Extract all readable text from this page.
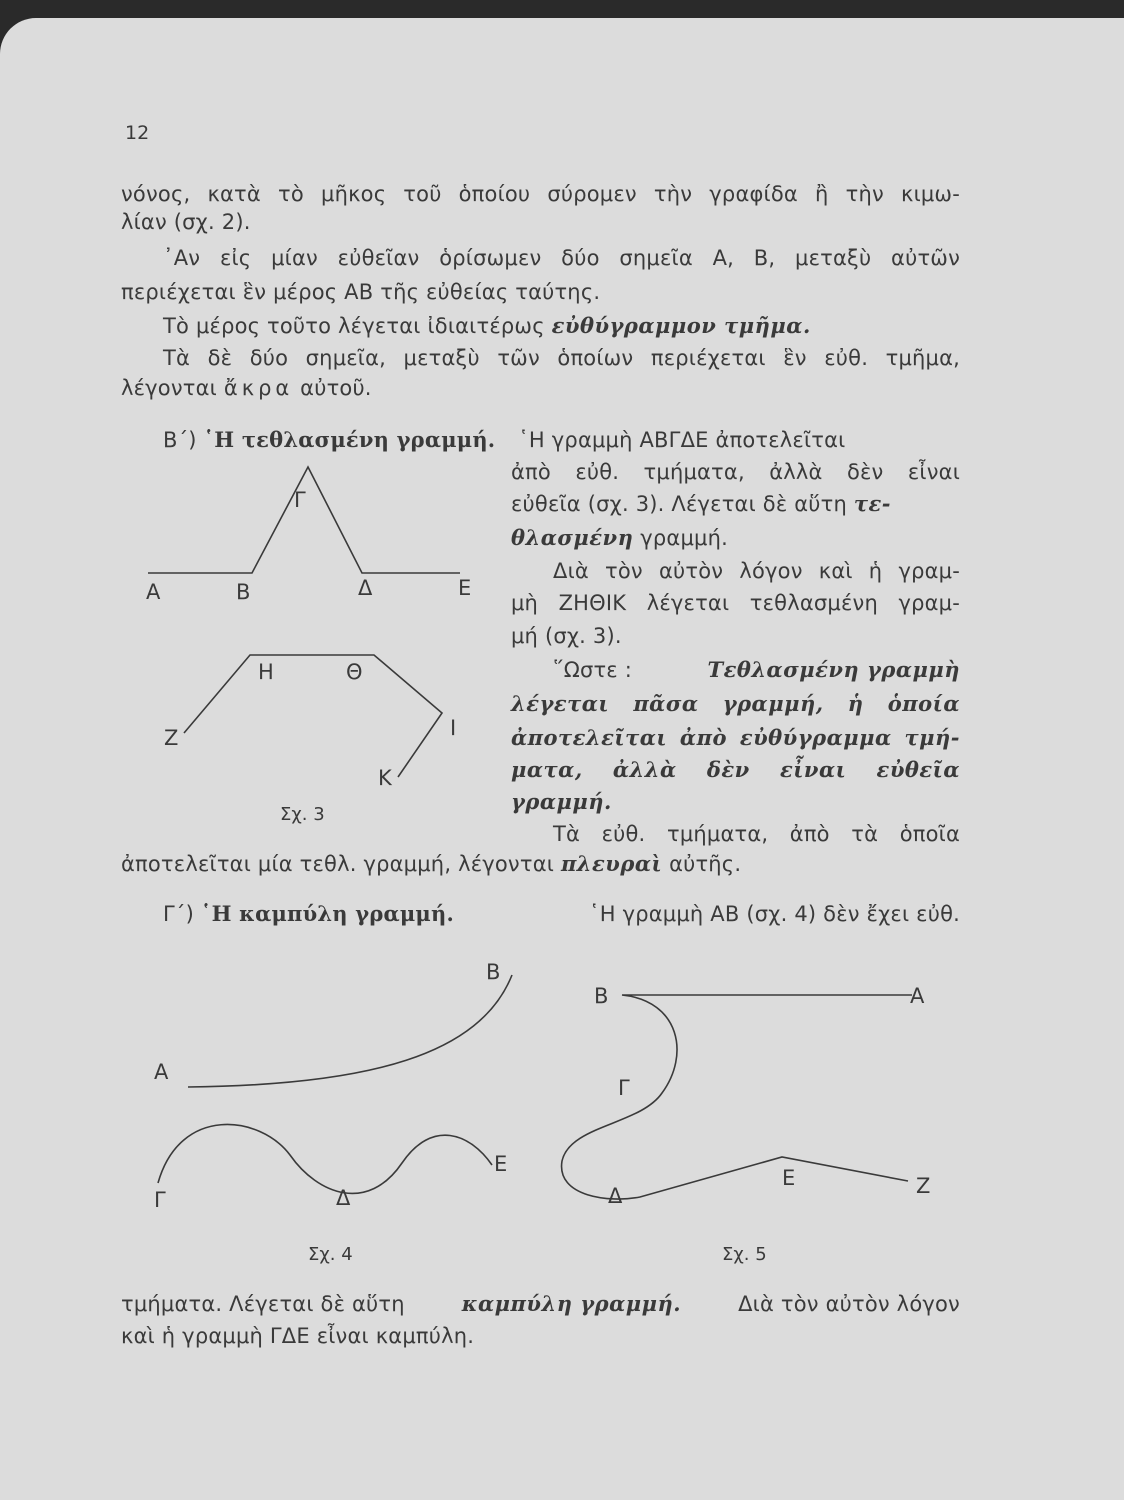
12
νόνος, κατὰ τὸ μῆκος τοῦ ὁποίου σύρομεν τὴν γραφίδα ἢ τὴν κιμω-
λίαν (σχ. 2).
᾿Αν εἰς μίαν εὐθεῖαν ὁρίσωμεν δύο σημεῖα Α, Β, μεταξὺ αὐτῶν
περιέχεται ἓν μέρος ΑΒ τῆς εὐθείας ταύτης.
Τὸ μέρος τοῦτο λέγεται ἰδιαιτέρως εὐθύγραμμον τμῆμα.
Τὰ δὲ δύο σημεῖα, μεταξὺ τῶν ὁποίων περιέχεται ἓν εὐθ. τμῆμα,
λέγονται ἄκρα αὐτοῦ.
Β΄) ῾Η τεθλασμένη γραμμή. ῾Η γραμμὴ ΑΒΓΔΕ ἀποτελεῖται
ἀπὸ εὐθ. τμήματα, ἀλλὰ δὲν εἶναι
εὐθεῖα (σχ. 3). Λέγεται δὲ αὕτη τε-
θλασμένη γραμμή.
Διὰ τὸν αὐτὸν λόγον καὶ ἡ γραμ-
μὴ ΖΗΘΙΚ λέγεται τεθλασμένη γραμ-
μή (σχ. 3).
῞Ωστε :	Τεθλασμένη γραμμὴ
λέγεται πᾶσα γραμμή, ἡ ὁποία
ἀποτελεῖται ἀπὸ εὐθύγραμμα τμή-
ματα, ἀλλὰ δὲν εἶναι εὐθεῖα
γραμμή.
Τὰ εὐθ. τμήματα, ἀπὸ τὰ ὁποῖα
Α	Β
Γ
Δ	Ε
Ζ
Η	Θ
Ι
Κ
Σχ. 3
ἀποτελεῖται μία τεθλ. γραμμή, λέγονται πλευραὶ αὐτῆς.
Γ΄) ῾Η καμπύλη γραμμή.	῾Η γραμμὴ ΑΒ (σχ. 4) δὲν ἔχει εὐθ.
Α
Β
Γ	Δ
Ε
Σχ. 4
Β	Α
Γ
Δ
Ε	Ζ
Σχ. 5
τμήματα. Λέγεται δὲ αὕτη	καμπύλη γραμμή.	Διὰ τὸν αὐτὸν λόγον
καὶ ἡ γραμμὴ ΓΔΕ εἶναι καμπύλη.
